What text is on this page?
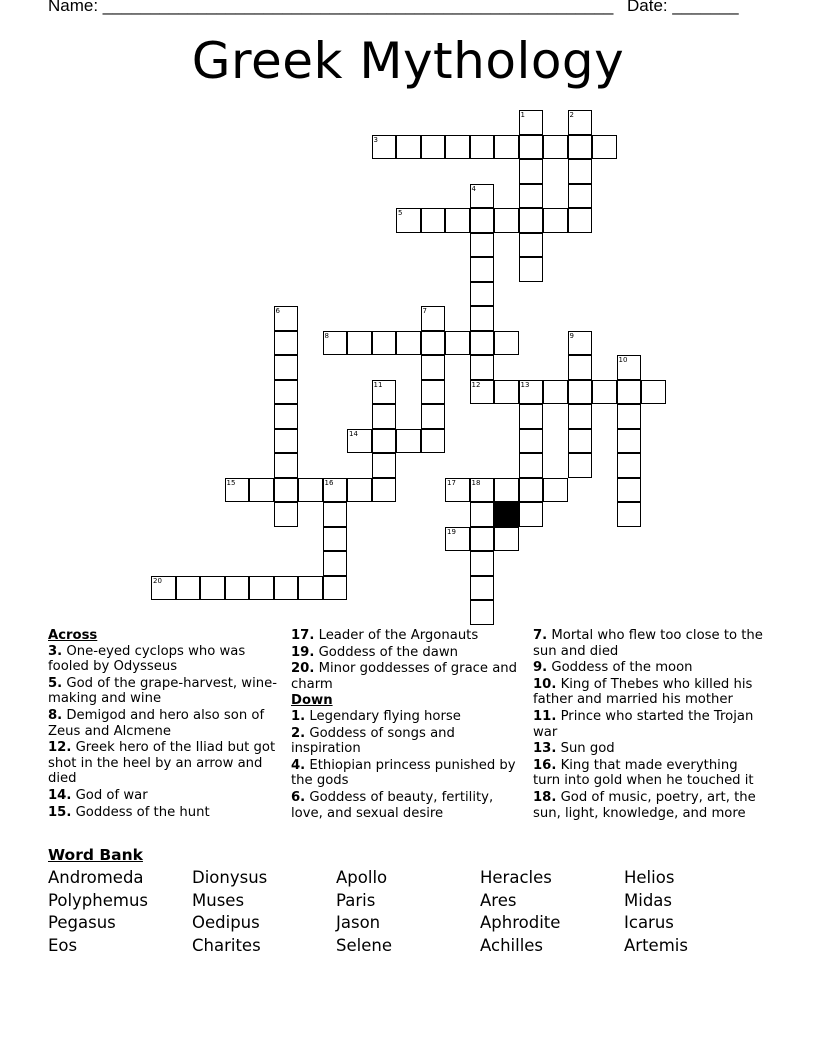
Name: ______________________________________________________ Date: _______
Greek Mythology
3
5
8
12	13
14
15	16	17 18
19
20
1	2
4
6	7
9
10
11
Across
3. One-eyed cyclops who was fooled by Odysseus
5. God of the grape-harvest, wine-making and wine
8. Demigod and hero also son of Zeus and Alcmene
12. Greek hero of the Iliad but got shot in the heel by an arrow and died
14. God of war
15. Goddess of the hunt
17. Leader of the Argonauts
19. Goddess of the dawn
20. Minor goddesses of grace and charm
Down
1. Legendary flying horse
2. Goddess of songs and inspiration
4. Ethiopian princess punished by the gods
6. Goddess of beauty, fertility, love, and sexual desire
7. Mortal who flew too close to the sun and died
9. Goddess of the moon
10. King of Thebes who killed his father and married his mother
11. Prince who started the Trojan war
13. Sun god
16. King that made everything turn into gold when he touched it
18. God of music, poetry, art, the sun, light, knowledge, and more
Word Bank
Andromeda	Dionysus	Apollo	Heracles	Helios
Polyphemus	Muses	Paris	Ares	Midas
Pegasus	Oedipus	Jason	Aphrodite	Icarus
Eos	Charites	Selene	Achilles	Artemis
